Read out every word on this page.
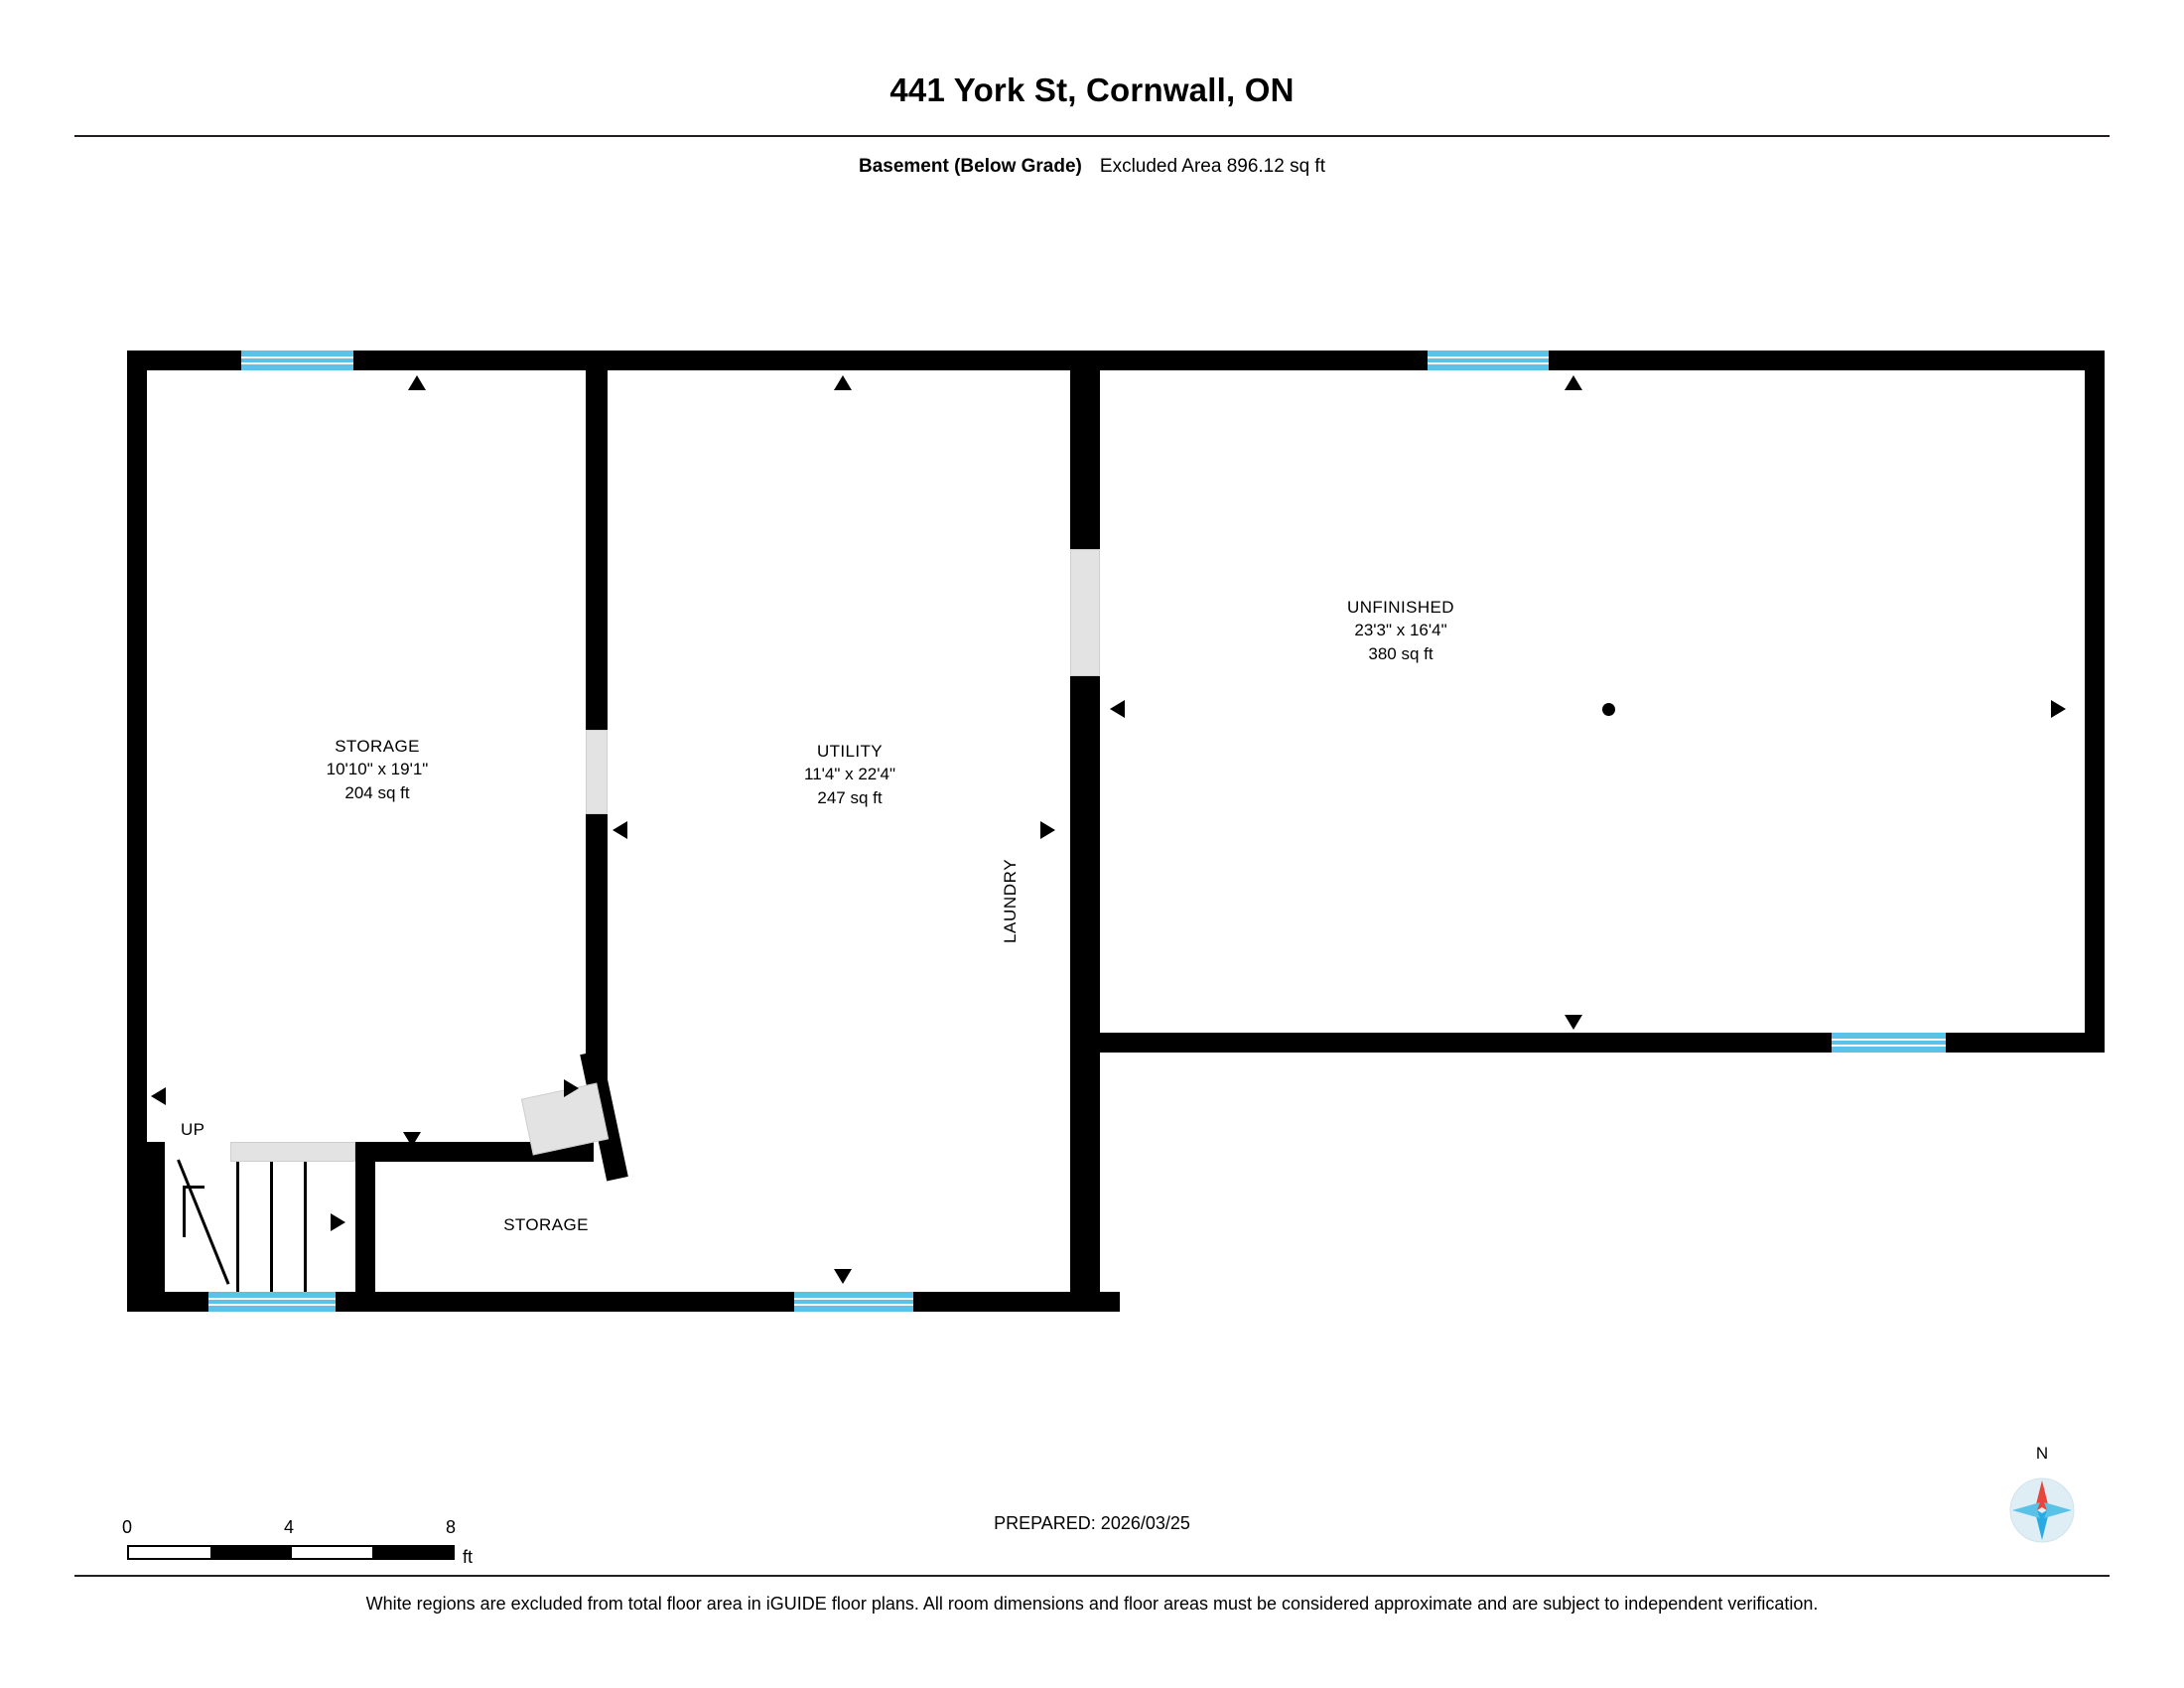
441 York St, Cornwall, ON
Basement (Below Grade) Excluded Area 896.12 sq ft
STORAGE
10'10" x 19'1"
204 sq ft
UTILITY
11'4" x 22'4"
247 sq ft
UNFINISHED
23'3" x 16'4"
380 sq ft
LAUNDRY
STORAGE
UP
0	4	8
ft
PREPARED: 2026/03/25
N
White regions are excluded from total floor area in iGUIDE floor plans. All room dimensions and floor areas must be considered approximate and are subject to independent verification.
